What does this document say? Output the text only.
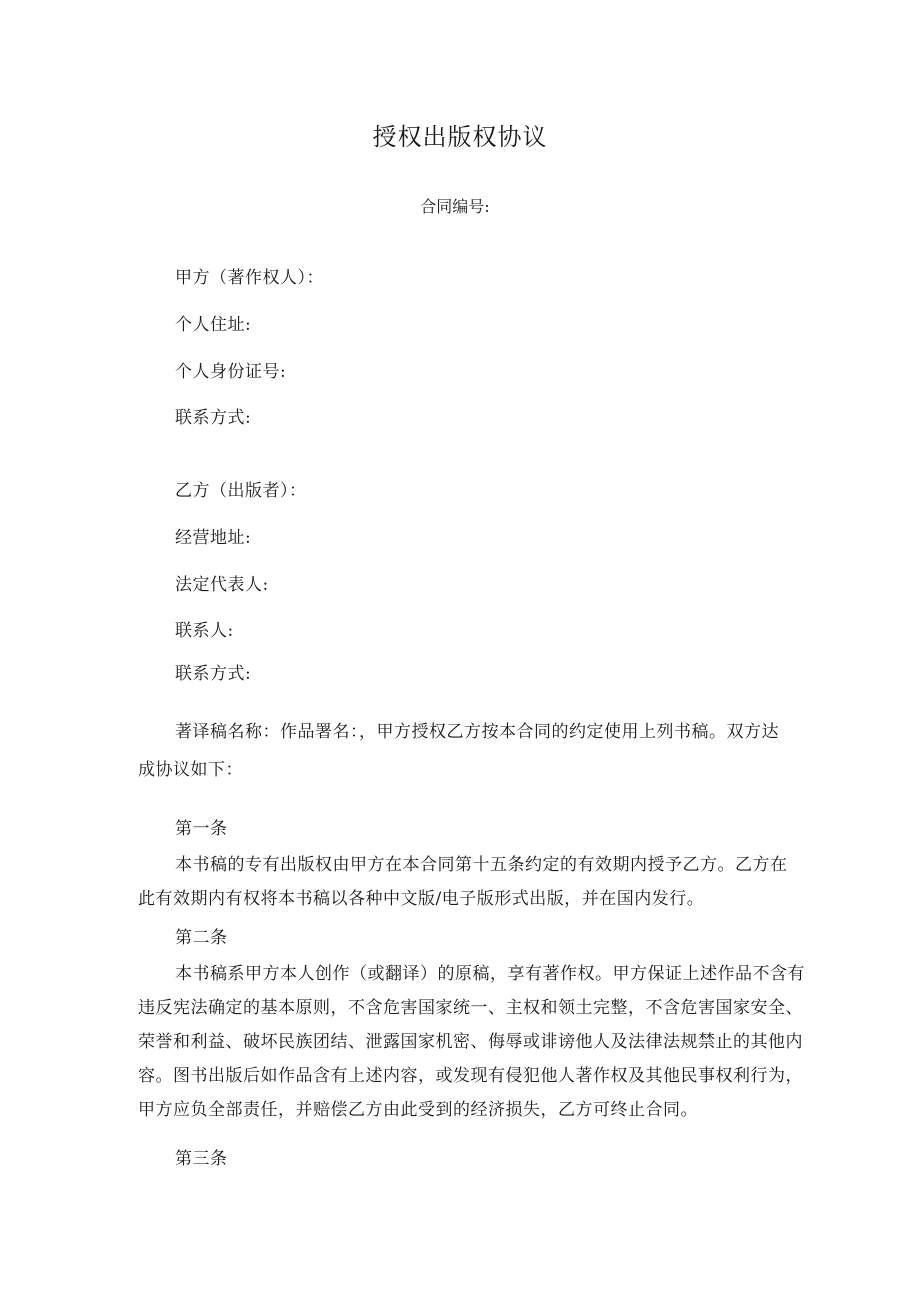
授权出版权协议
合同编号:
甲方（著作权人）：
个人住址:
个人身份证号:
联系方式:
乙方（出版者）：
经营地址:
法定代表人:
联系人:
联系方式:
著译稿名称：作品署名：，甲方授权乙方按本合同的约定使用上列书稿。双方达
成协议如下：
第一条
本书稿的专有出版权由甲方在本合同第十五条约定的有效期内授予乙方。乙方在
此有效期内有权将本书稿以各种中文版/电子版形式出版，并在国内发行。
第二条
本书稿系甲方本人创作（或翻译）的原稿，享有著作权。甲方保证上述作品不含有
违反宪法确定的基本原则，不含危害国家统一、主权和领土完整，不含危害国家安全、
荣誉和利益、破坏民族团结、泄露国家机密、侮辱或诽谤他人及法律法规禁止的其他内
容。图书出版后如作品含有上述内容，或发现有侵犯他人著作权及其他民事权利行为，
甲方应负全部责任，并赔偿乙方由此受到的经济损失，乙方可终止合同。
第三条
